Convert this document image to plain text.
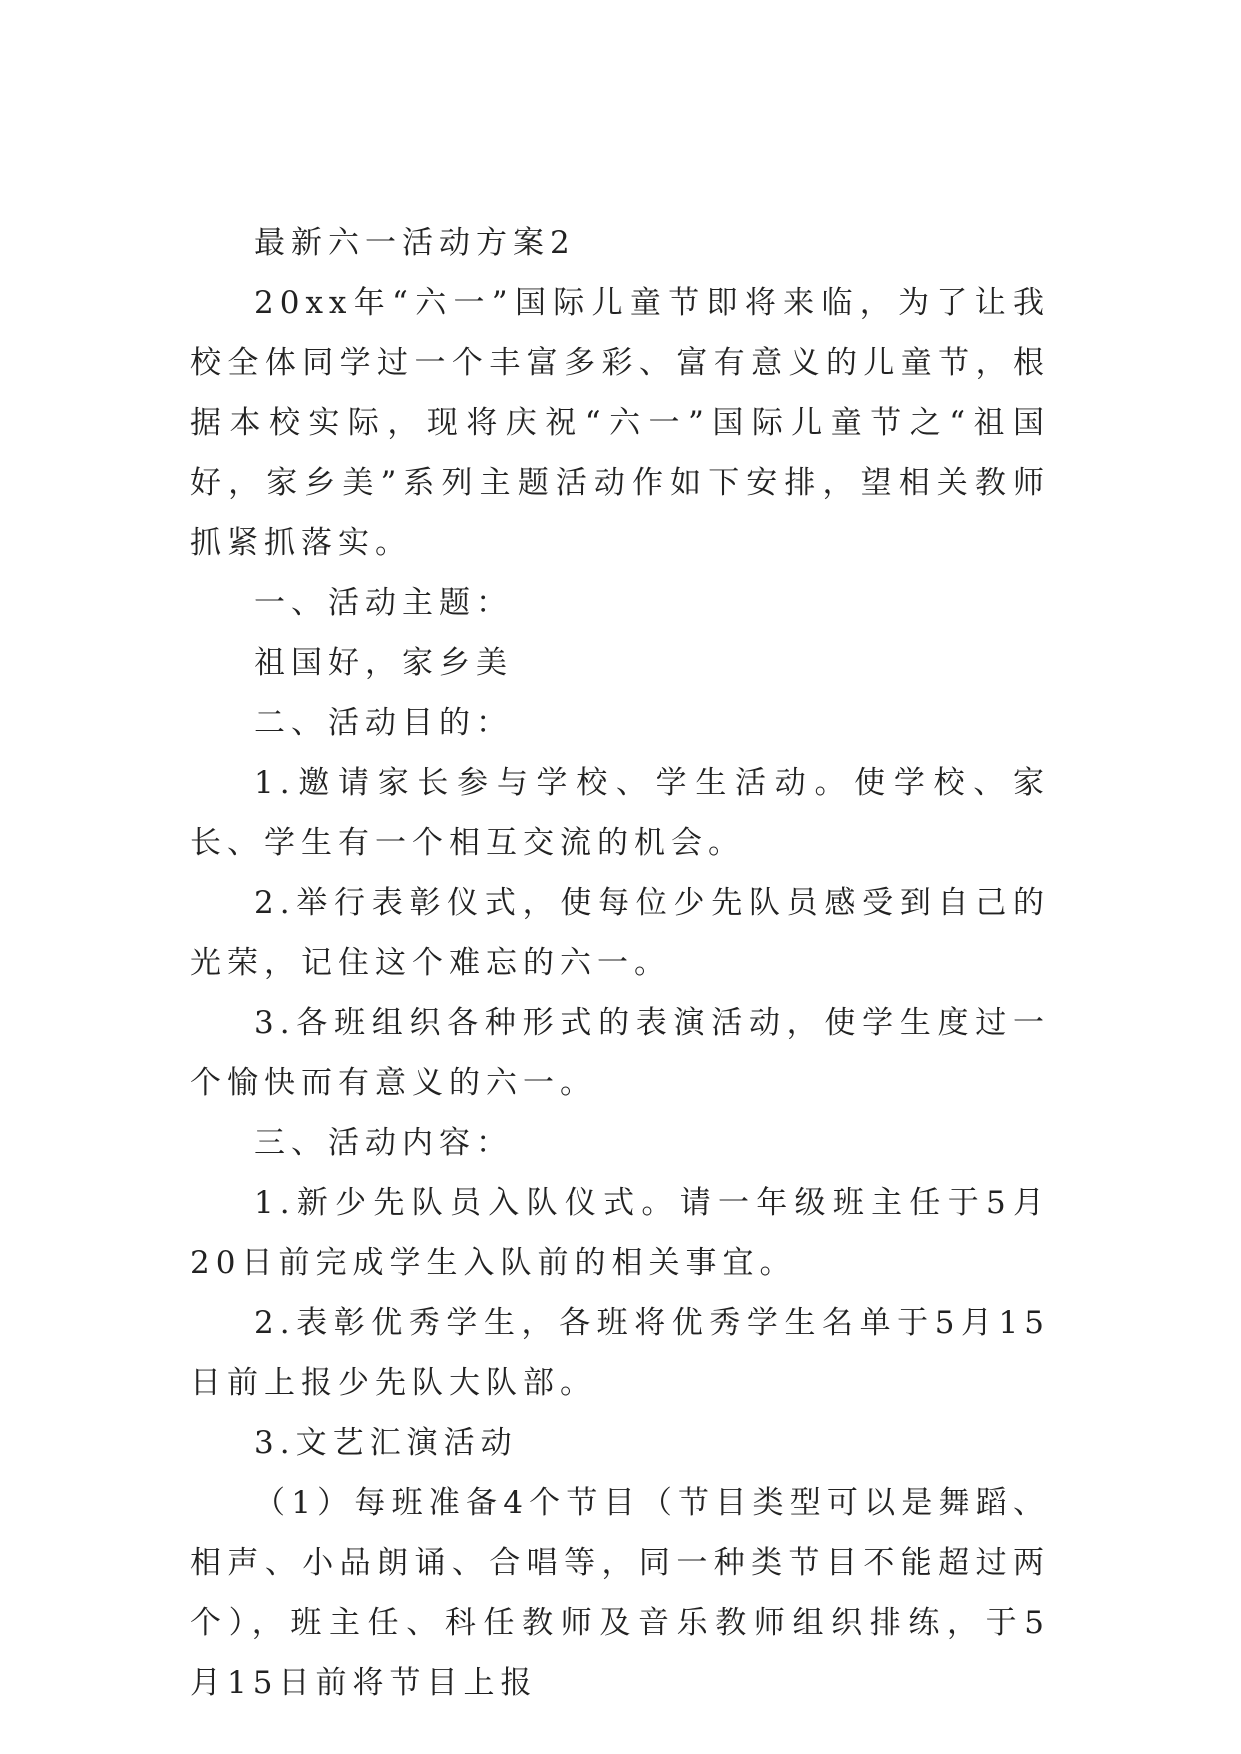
最新六一活动方案2

20xx年“六一”国际儿童节即将来临，为了让我校全体同学过一个丰富多彩、富有意义的儿童节，根据本校实际，现将庆祝“六一”国际儿童节之“祖国好，家乡美”系列主题活动作如下安排，望相关教师抓紧抓落实。

一、活动主题：

祖国好，家乡美

二、活动目的：

1.邀请家长参与学校、学生活动。使学校、家长、学生有一个相互交流的机会。

2.举行表彰仪式，使每位少先队员感受到自己的光荣，记住这个难忘的六一。

3.各班组织各种形式的表演活动，使学生度过一个愉快而有意义的六一。

三、活动内容：

1.新少先队员入队仪式。请一年级班主任于5月20日前完成学生入队前的相关事宜。

2.表彰优秀学生，各班将优秀学生名单于5月15日前上报少先队大队部。

3.文艺汇演活动

（1）每班准备4个节目（节目类型可以是舞蹈、相声、小品朗诵、合唱等，同一种类节目不能超过两个），班主任、科任教师及音乐教师组织排练，于5月15日前将节目上报
